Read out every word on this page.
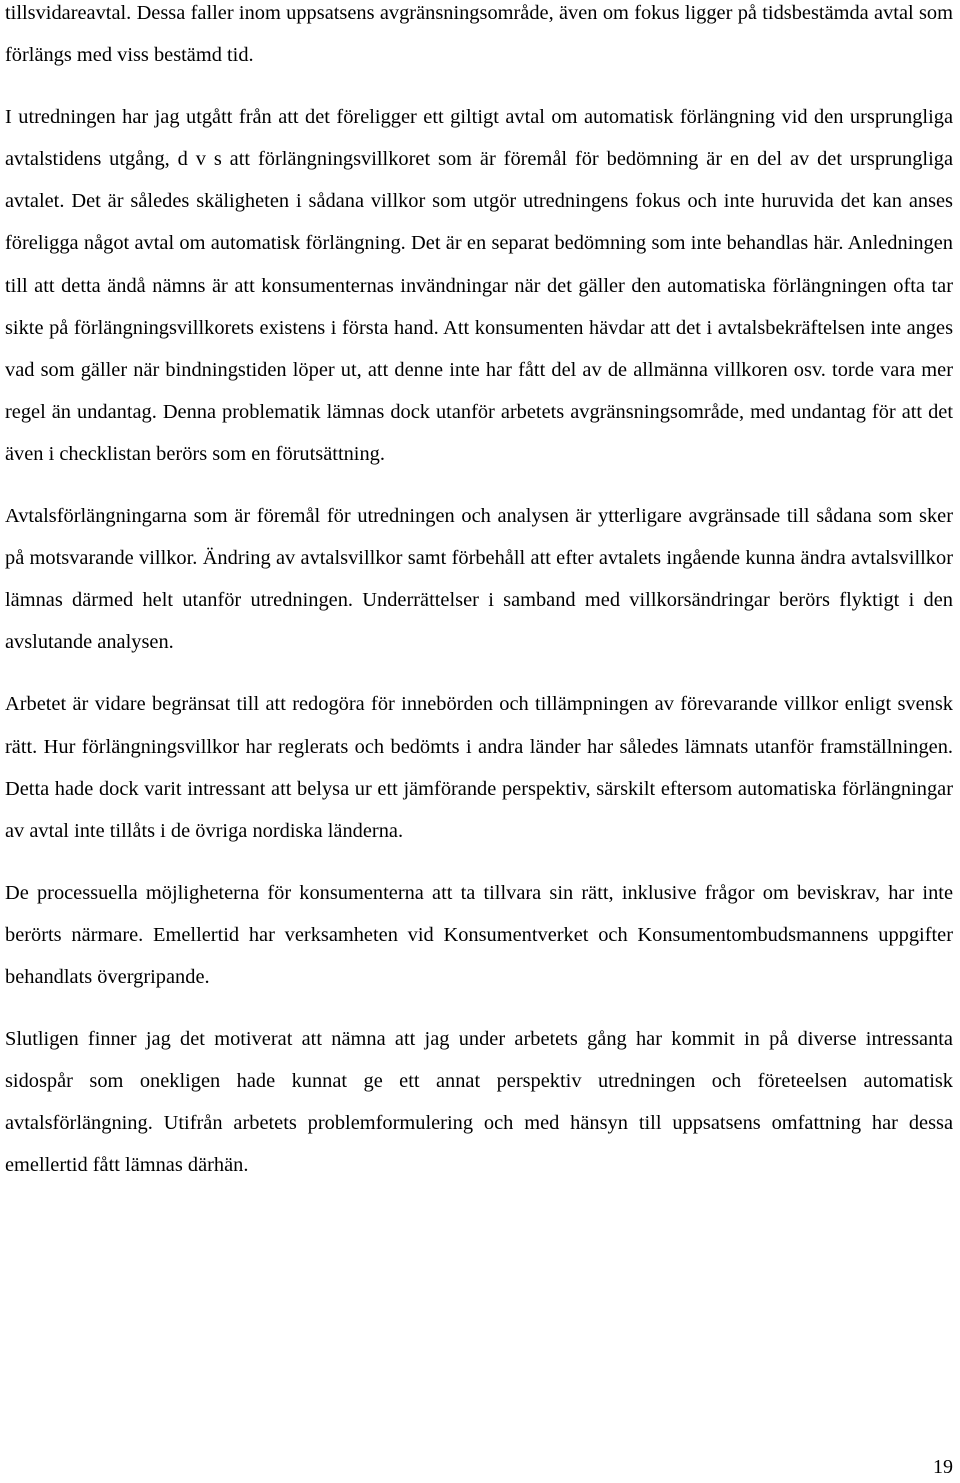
tillsvidareavtal. Dessa faller inom uppsatsens avgränsningsområde, även om fokus ligger på tidsbestämda avtal som förlängs med viss bestämd tid.

I utredningen har jag utgått från att det föreligger ett giltigt avtal om automatisk förlängning vid den ursprungliga avtalstidens utgång, d v s att förlängningsvillkoret som är föremål för bedömning är en del av det ursprungliga avtalet. Det är således skäligheten i sådana villkor som utgör utredningens fokus och inte huruvida det kan anses föreligga något avtal om automatisk förlängning. Det är en separat bedömning som inte behandlas här. Anledningen till att detta ändå nämns är att konsumenternas invändningar när det gäller den automatiska förlängningen ofta tar sikte på förlängningsvillkorets existens i första hand. Att konsumenten hävdar att det i avtalsbekräftelsen inte anges vad som gäller när bindningstiden löper ut, att denne inte har fått del av de allmänna villkoren osv. torde vara mer regel än undantag. Denna problematik lämnas dock utanför arbetets avgränsningsområde, med undantag för att det även i checklistan berörs som en förutsättning.

Avtalsförlängningarna som är föremål för utredningen och analysen är ytterligare avgränsade till sådana som sker på motsvarande villkor. Ändring av avtalsvillkor samt förbehåll att efter avtalets ingående kunna ändra avtalsvillkor lämnas därmed helt utanför utredningen. Underrättelser i samband med villkorsändringar berörs flyktigt i den avslutande analysen.

Arbetet är vidare begränsat till att redogöra för innebörden och tillämpningen av förevarande villkor enligt svensk rätt. Hur förlängningsvillkor har reglerats och bedömts i andra länder har således lämnats utanför framställningen. Detta hade dock varit intressant att belysa ur ett jämförande perspektiv, särskilt eftersom automatiska förlängningar av avtal inte tillåts i de övriga nordiska länderna.

De processuella möjligheterna för konsumenterna att ta tillvara sin rätt, inklusive frågor om beviskrav, har inte berörts närmare. Emellertid har verksamheten vid Konsumentverket och Konsumentombudsmannens uppgifter behandlats övergripande.

Slutligen finner jag det motiverat att nämna att jag under arbetets gång har kommit in på diverse intressanta sidospår som onekligen hade kunnat ge ett annat perspektiv utredningen och företeelsen automatisk avtalsförlängning. Utifrån arbetets problemformulering och med hänsyn till uppsatsens omfattning har dessa emellertid fått lämnas därhän.

19
